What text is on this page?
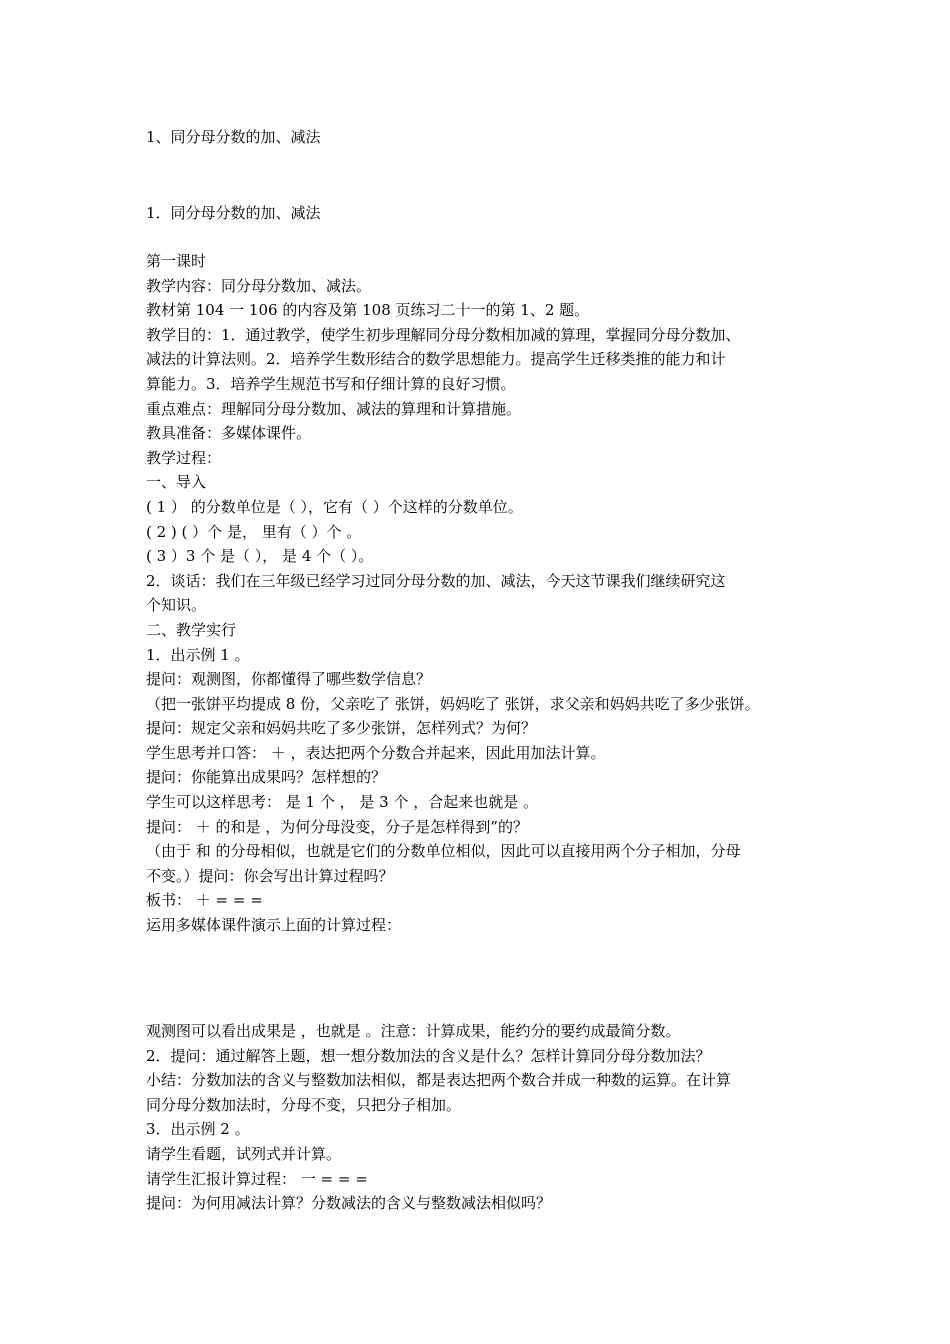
1、同分母分数的加、减法
1．同分母分数的加、减法
第一课时
教学内容：同分母分数加、减法。
教材第 104 一 106 的内容及第 108 页练习二十一的第 1、2 题。
教学目的：1．通过教学，使学生初步理解同分母分数相加减的算理，掌握同分母分数加、
减法的计算法则。2．培养学生数形结合的数学思想能力。提高学生迁移类推的能力和计
算能力。3．培养学生规范书写和仔细计算的良好习惯。
重点难点：理解同分母分数加、减法的算理和计算措施。
教具准备：多媒体课件。
教学过程：
一、导入
( 1 ） 的分数单位是（ ），它有（ ）个这样的分数单位。
( 2 ) ( ）个 是， 里有（ ）个 。
( 3 ）3 个 是（ ）， 是 4 个（ ）。
2．谈话：我们在三年级已经学习过同分母分数的加、减法，今天这节课我们继续研究这
个知识。
二、教学实行
1．出示例 1 。
提问：观测图，你都懂得了哪些数学信息？
（把一张饼平均提成 8 份，父亲吃了 张饼，妈妈吃了 张饼，求父亲和妈妈共吃了多少张饼。
提问：规定父亲和妈妈共吃了多少张饼，怎样列式？为何？
学生思考并口答： ＋ ，表达把两个分数合并起来，因此用加法计算。
提问：你能算出成果吗？怎样想的？
学生可以这样思考： 是 1 个 ， 是 3 个 ，合起来也就是 。
提问： ＋ 的和是 ，为何分母没变，分子是怎样得到”的？
（由于 和 的分母相似，也就是它们的分数单位相似，因此可以直接用两个分子相加，分母
不变。）提问：你会写出计算过程吗？
板书： ＋ = = =
运用多媒体课件演示上面的计算过程：
观测图可以看出成果是 ，也就是 。注意：计算成果，能约分的要约成最简分数。
2．提问：通过解答上题，想一想分数加法的含义是什么？怎样计算同分母分数加法？
小结：分数加法的含义与整数加法相似，都是表达把两个数合并成一种数的运算。在计算
同分母分数加法时，分母不变，只把分子相加。
3．出示例 2 。
请学生看题，试列式并计算。
请学生汇报计算过程： 一 = = =
提问：为何用减法计算？分数减法的含义与整数减法相似吗？
